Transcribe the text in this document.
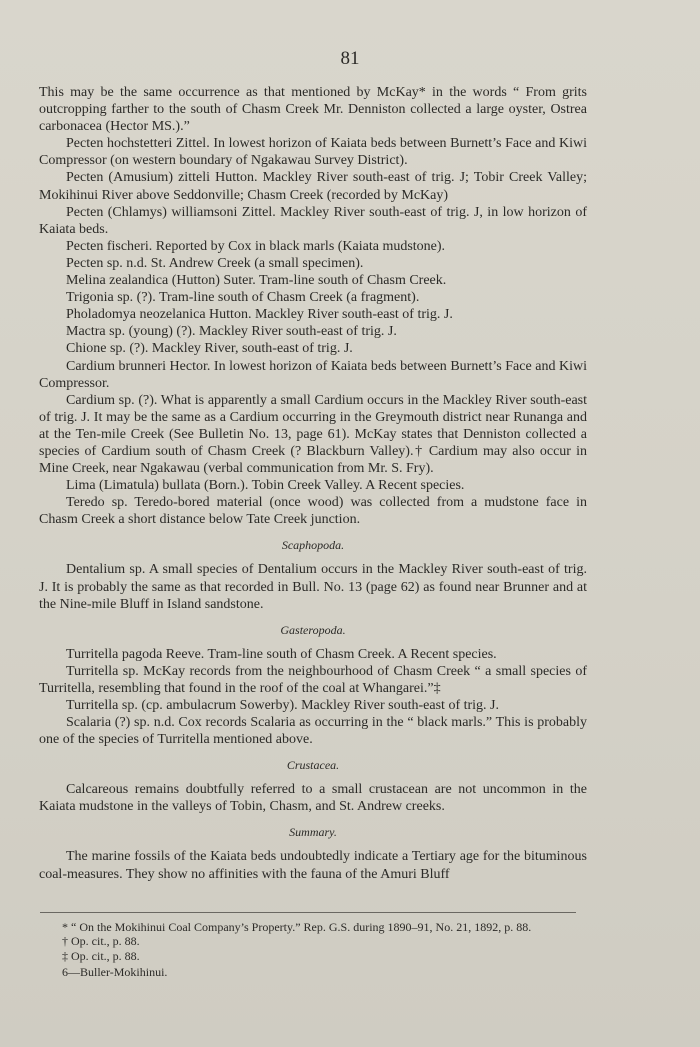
81

This may be the same occurrence as that mentioned by McKay* in the words “ From grits outcropping farther to the south of Chasm Creek Mr. Denniston collected a large oyster, Ostrea carbonacea (Hector MS.).”

Pecten hochstetteri Zittel. In lowest horizon of Kaiata beds between Burnett’s Face and Kiwi Compressor (on western boundary of Ngakawau Survey District).

Pecten (Amusium) zitteli Hutton. Mackley River south-east of trig. J; Tobir Creek Valley; Mokihinui River above Seddonville; Chasm Creek (recorded by McKay)

Pecten (Chlamys) williamsoni Zittel. Mackley River south-east of trig. J, in low horizon of Kaiata beds.

Pecten fischeri. Reported by Cox in black marls (Kaiata mudstone).

Pecten sp. n.d. St. Andrew Creek (a small specimen).

Melina zealandica (Hutton) Suter. Tram-line south of Chasm Creek.

Trigonia sp. (?). Tram-line south of Chasm Creek (a fragment).

Pholadomya neozelanica Hutton. Mackley River south-east of trig. J.

Mactra sp. (young) (?). Mackley River south-east of trig. J.

Chione sp. (?). Mackley River, south-east of trig. J.

Cardium brunneri Hector. In lowest horizon of Kaiata beds between Burnett’s Face and Kiwi Compressor.

Cardium sp. (?). What is apparently a small Cardium occurs in the Mackley River south-east of trig. J. It may be the same as a Cardium occurring in the Greymouth district near Runanga and at the Ten-mile Creek (See Bulletin No. 13, page 61). McKay states that Denniston collected a species of Cardium south of Chasm Creek (? Blackburn Valley).† Cardium may also occur in Mine Creek, near Ngakawau (verbal communication from Mr. S. Fry).

Lima (Limatula) bullata (Born.). Tobin Creek Valley. A Recent species.

Teredo sp. Teredo-bored material (once wood) was collected from a mudstone face in Chasm Creek a short distance below Tate Creek junction.

Scaphopoda.

Dentalium sp. A small species of Dentalium occurs in the Mackley River south-east of trig. J. It is probably the same as that recorded in Bull. No. 13 (page 62) as found near Brunner and at the Nine-mile Bluff in Island sandstone.

Gasteropoda.

Turritella pagoda Reeve. Tram-line south of Chasm Creek. A Recent species.

Turritella sp. McKay records from the neighbourhood of Chasm Creek “ a small species of Turritella, resembling that found in the roof of the coal at Whangarei.”‡

Turritella sp. (cp. ambulacrum Sowerby). Mackley River south-east of trig. J.

Scalaria (?) sp. n.d. Cox records Scalaria as occurring in the “ black marls.” This is probably one of the species of Turritella mentioned above.

Crustacea.

Calcareous remains doubtfully referred to a small crustacean are not uncommon in the Kaiata mudstone in the valleys of Tobin, Chasm, and St. Andrew creeks.

Summary.

The marine fossils of the Kaiata beds undoubtedly indicate a Tertiary age for the bituminous coal-measures. They show no affinities with the fauna of the Amuri Bluff

* “ On the Mokihinui Coal Company’s Property.” Rep. G.S. during 1890–91, No. 21, 1892, p. 88.

† Op. cit., p. 88.

‡ Op. cit., p. 88.

6—Buller-Mokihinui.
